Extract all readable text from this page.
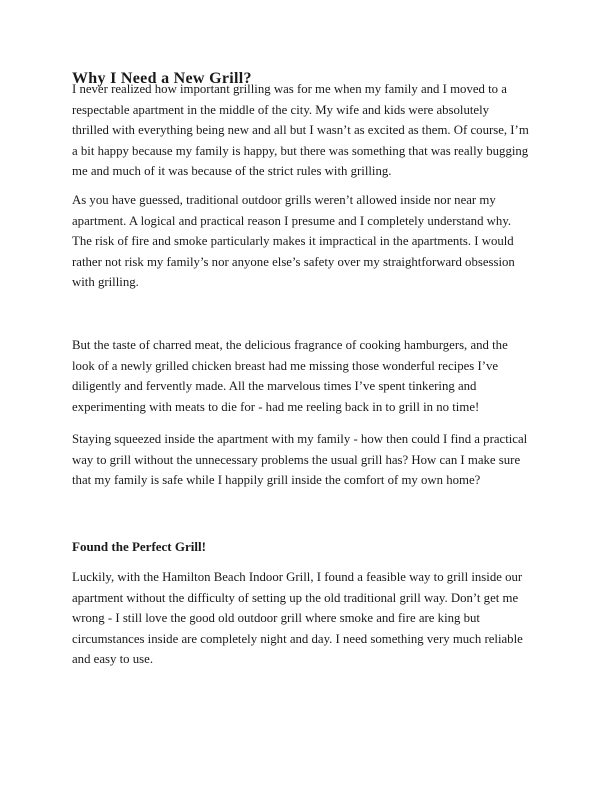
Why I Need a New Grill?
I never realized how important grilling was for me when my family and I moved to a
respectable apartment in the middle of the city. My wife and kids were absolutely
thrilled with everything being new and all but I wasn’t as excited as them. Of course, I’m
a bit happy because my family is happy, but there was something that was really bugging
me and much of it was because of the strict rules with grilling.
As you have guessed, traditional outdoor grills weren’t allowed inside nor near my
apartment. A logical and practical reason I presume and I completely understand why.
The risk of fire and smoke particularly makes it impractical in the apartments. I would
rather not risk my family’s nor anyone else’s safety over my straightforward obsession
with grilling.
But the taste of charred meat, the delicious fragrance of cooking hamburgers, and the
look of a newly grilled chicken breast had me missing those wonderful recipes I’ve
diligently and fervently made. All the marvelous times I’ve spent tinkering and
experimenting with meats to die for - had me reeling back in to grill in no time!
Staying squeezed inside the apartment with my family - how then could I find a practical
way to grill without the unnecessary problems the usual grill has? How can I make sure
that my family is safe while I happily grill inside the comfort of my own home?
Found the Perfect Grill!
Luckily, with the Hamilton Beach Indoor Grill, I found a feasible way to grill inside our
apartment without the difficulty of setting up the old traditional grill way. Don’t get me
wrong - I still love the good old outdoor grill where smoke and fire are king but
circumstances inside are completely night and day. I need something very much reliable
and easy to use.
